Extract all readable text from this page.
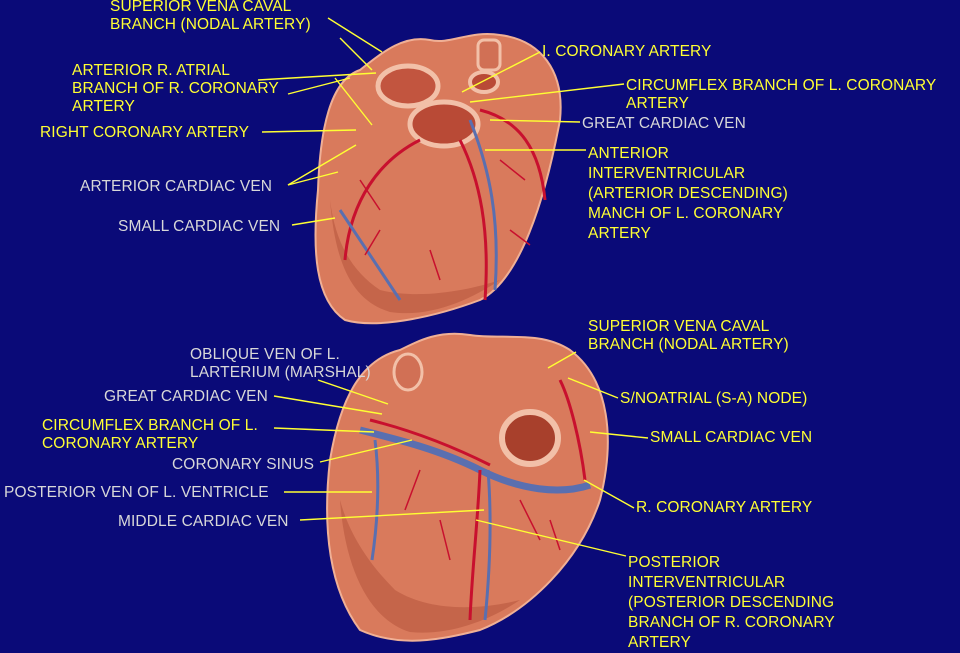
SUPERIOR VENA CAVAL
BRANCH (NODAL ARTERY)
ARTERIOR R. ATRIAL
BRANCH OF R. CORONARY
ARTERY
RIGHT CORONARY ARTERY
ARTERIOR CARDIAC VEN
SMALL CARDIAC VEN
I. CORONARY ARTERY
CIRCUMFLEX BRANCH OF L. CORONARY
ARTERY
GREAT CARDIAC VEN
ANTERIOR
INTERVENTRICULAR
(ARTERIOR DESCENDING)
MANCH OF L. CORONARY
ARTERY
OBLIQUE VEN OF L.
LARTERIUM (MARSHAL)
GREAT CARDIAC VEN
CIRCUMFLEX BRANCH OF L.
CORONARY ARTERY
CORONARY SINUS
POSTERIOR VEN OF L. VENTRICLE
MIDDLE CARDIAC VEN
SUPERIOR VENA CAVAL
BRANCH (NODAL ARTERY)
S/NOATRIAL (S-A) NODE)
SMALL CARDIAC VEN
R. CORONARY ARTERY
POSTERIOR
INTERVENTRICULAR
(POSTERIOR DESCENDING
BRANCH OF R. CORONARY
ARTERY
